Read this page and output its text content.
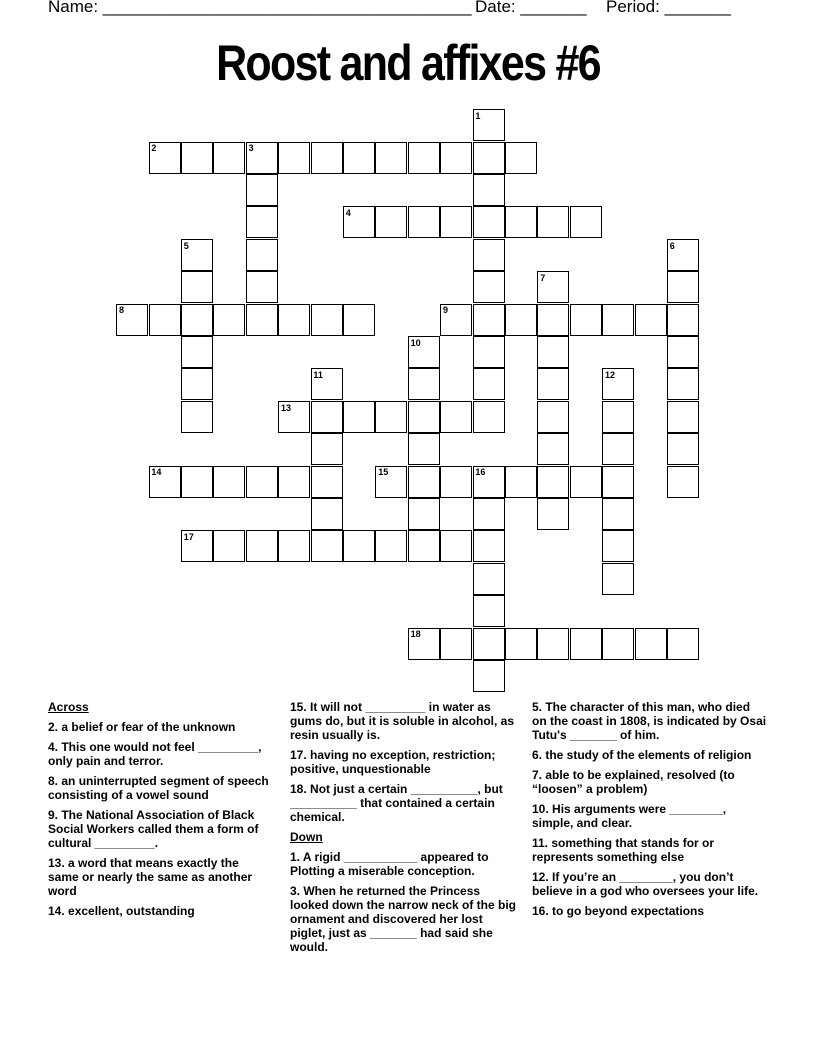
Name: _______________________________________ Date: _______ Period: _______
Roost and affixes #6
1
2	3
4
5	6
7
8	9
10
11	12
13
14	15	16
17
18

Across

2. a belief or fear of the unknown

4. This one would not feel _________, only pain and terror.

8. an uninterrupted segment of speech consisting of a vowel sound

9. The National Association of Black Social Workers called them a form of cultural _________.

13. a word that means exactly the same or nearly the same as another word

14. excellent, outstanding

15. It will not _________ in water as gums do, but it is soluble in alcohol, as resin usually is.

17. having no exception, restriction; positive, unquestionable

18. Not just a certain __________, but __________ that contained a certain chemical.

Down

1. A rigid ___________ appeared to Plotting a miserable conception.

3. When he returned the Princess looked down the narrow neck of the big ornament and discovered her lost piglet, just as _______ had said she would.

5. The character of this man, who died on the coast in 1808, is indicated by Osai Tutu's _______ of him.

6. the study of the elements of religion

7. able to be explained, resolved (to “loosen” a problem)

10. His arguments were ________, simple, and clear.

11. something that stands for or represents something else

12. If you’re an ________, you don’t believe in a god who oversees your life.

16. to go beyond expectations
